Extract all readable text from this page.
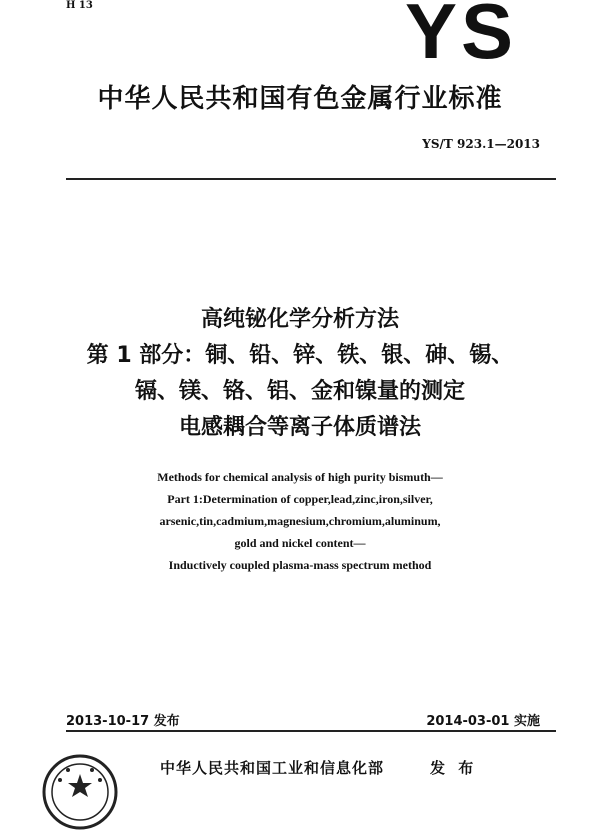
H 13	YS
中华人民共和国有色金属行业标准
YS/T 923.1—2013
高纯铋化学分析方法
第 1 部分：铜、铅、锌、铁、银、砷、锡、
镉、镁、铬、铝、金和镍量的测定
电感耦合等离子体质谱法
Methods for chemical analysis of high purity bismuth—
Part 1:Determination of copper,lead,zinc,iron,silver,
arsenic,tin,cadmium,magnesium,chromium,aluminum,
gold and nickel content—
Inductively coupled plasma-mass spectrum method
2013-10-17 发布	2014-03-01 实施
中华人民共和国工业和信息化部	发 布
